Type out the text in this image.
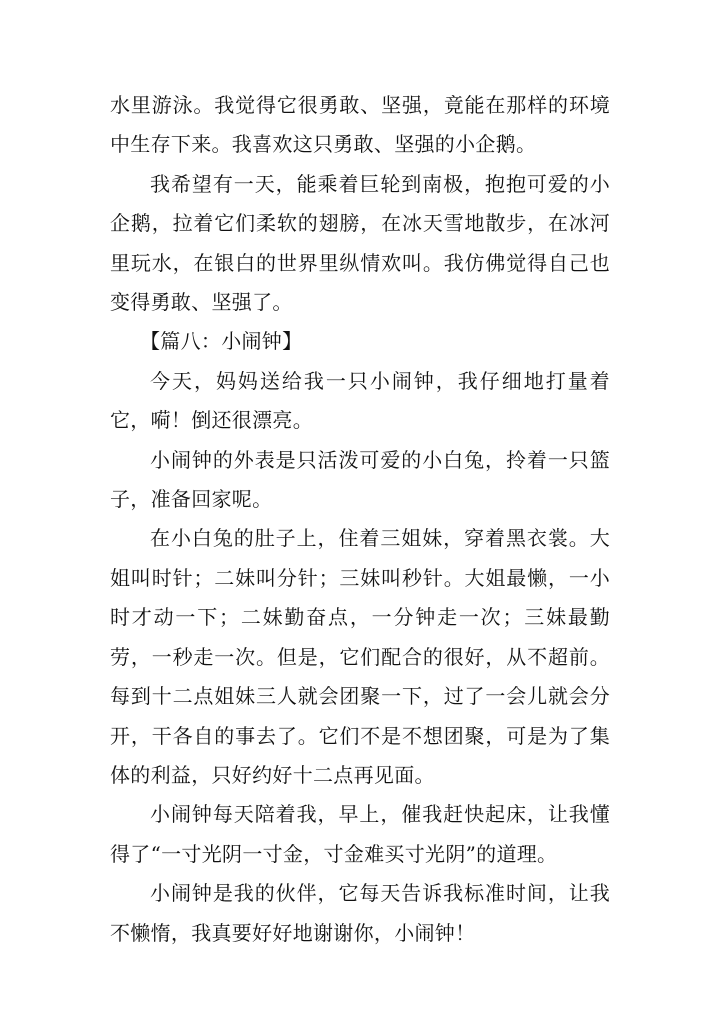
水里游泳。我觉得它很勇敢、坚强，竟能在那样的环境中生存下来。我喜欢这只勇敢、坚强的小企鹅。

我希望有一天，能乘着巨轮到南极，抱抱可爱的小企鹅，拉着它们柔软的翅膀，在冰天雪地散步，在冰河里玩水，在银白的世界里纵情欢叫。我仿佛觉得自己也变得勇敢、坚强了。

【篇八：小闹钟】

今天，妈妈送给我一只小闹钟，我仔细地打量着它，嗬！倒还很漂亮。

小闹钟的外表是只活泼可爱的小白兔，拎着一只篮子，准备回家呢。

在小白兔的肚子上，住着三姐妹，穿着黑衣裳。大姐叫时针；二妹叫分针；三妹叫秒针。大姐最懒，一小时才动一下；二妹勤奋点，一分钟走一次；三妹最勤劳，一秒走一次。但是，它们配合的很好，从不超前。每到十二点姐妹三人就会团聚一下，过了一会儿就会分开，干各自的事去了。它们不是不想团聚，可是为了集体的利益，只好约好十二点再见面。

小闹钟每天陪着我，早上，催我赶快起床，让我懂得了“一寸光阴一寸金，寸金难买寸光阴”的道理。

小闹钟是我的伙伴，它每天告诉我标准时间，让我不懒惰，我真要好好地谢谢你，小闹钟！
